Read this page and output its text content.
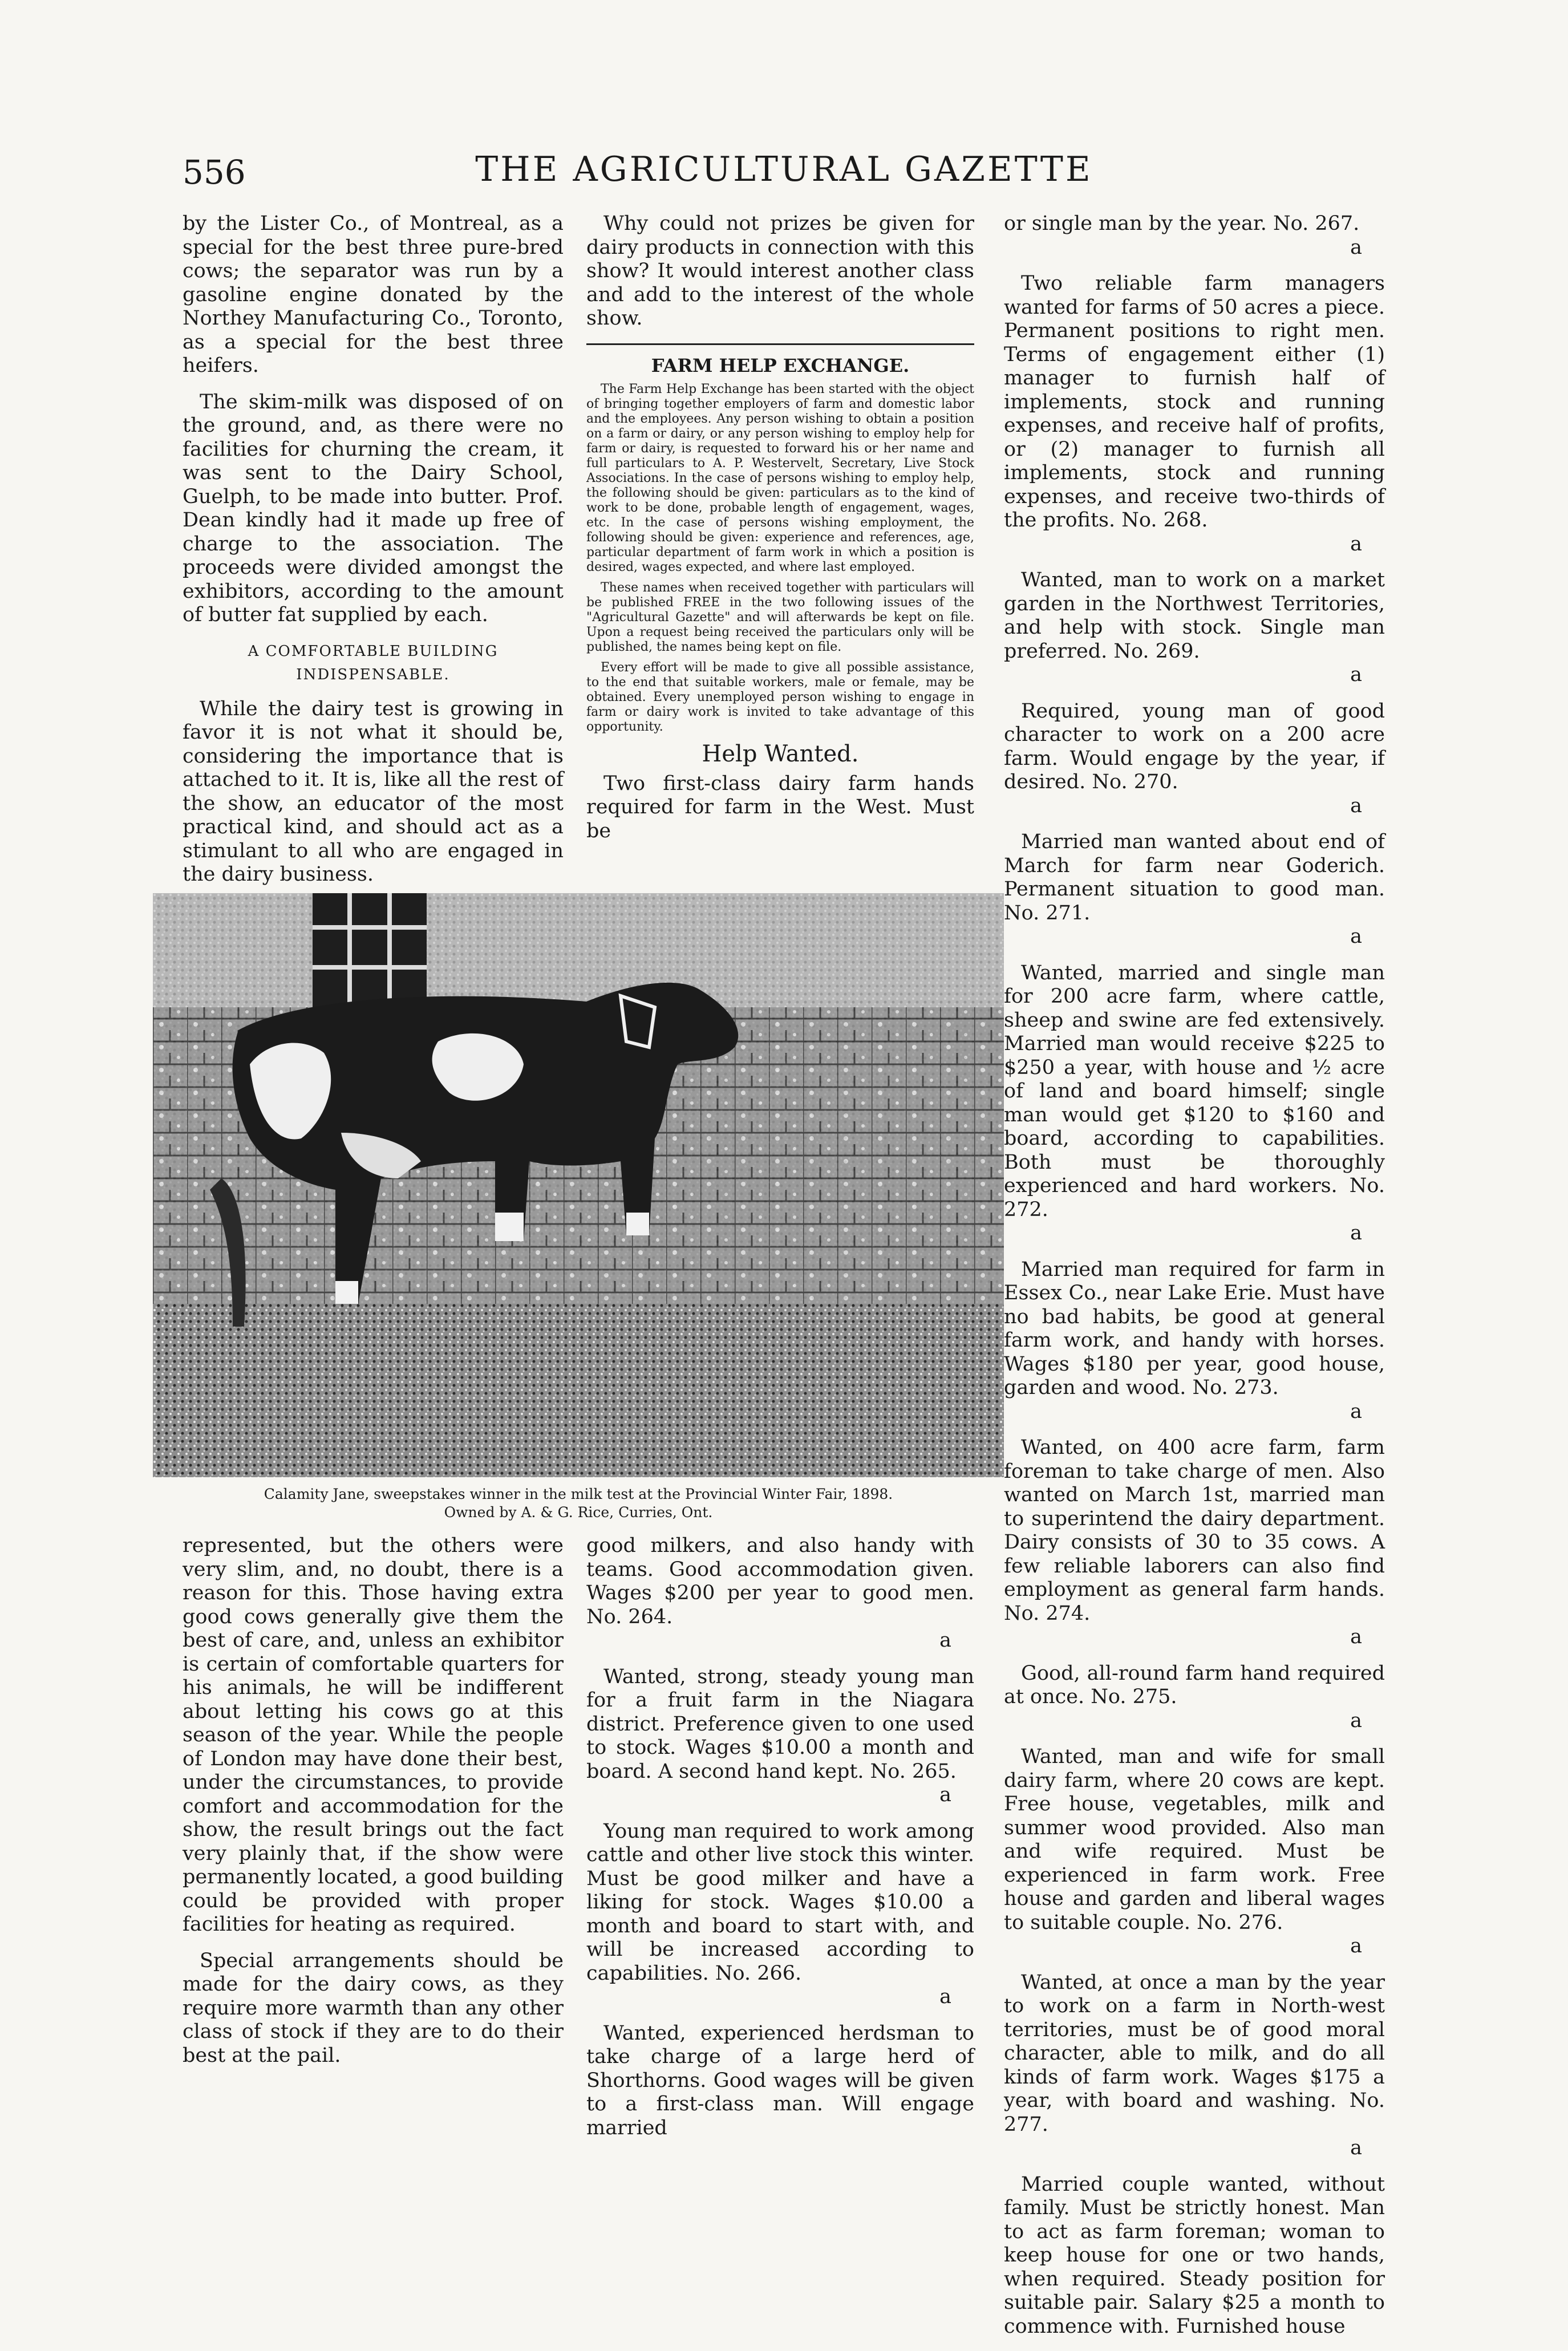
556	THE AGRICULTURAL GAZETTE

by the Lister Co., of Montreal, as a special for the best three pure-bred cows; the separator was run by a gasoline engine donated by the Northey Manufacturing Co., Toronto, as a special for the best three heifers.

The skim-milk was disposed of on the ground, and, as there were no facilities for churning the cream, it was sent to the Dairy School, Guelph, to be made into butter. Prof. Dean kindly had it made up free of charge to the association. The proceeds were divided amongst the exhibitors, according to the amount of butter fat supplied by each.

A COMFORTABLE BUILDING INDISPENSABLE.

While the dairy test is growing in favor it is not what it should be, considering the importance that is attached to it. It is, like all the rest of the show, an educator of the most practical kind, and should act as a stimulant to all who are engaged in the dairy business.

Why could not prizes be given for dairy products in connection with this show? It would interest another class and add to the interest of the whole show.

FARM HELP EXCHANGE.

The Farm Help Exchange has been started with the object of bringing together employers of farm and domestic labor and the employees. Any person wishing to obtain a position on a farm or dairy, or any person wishing to employ help for farm or dairy, is requested to forward his or her name and full particulars to A. P. Westervelt, Secretary, Live Stock Associations. In the case of persons wishing to employ help, the following should be given: particulars as to the kind of work to be done, probable length of engagement, wages, etc. In the case of persons wishing employment, the following should be given: experience and references, age, particular department of farm work in which a position is desired, wages expected, and where last employed.

These names when received together with particulars will be published FREE in the two following issues of the "Agricultural Gazette" and will afterwards be kept on file. Upon a request being received the particulars only will be published, the names being kept on file.

Every effort will be made to give all possible assistance, to the end that suitable workers, male or female, may be obtained. Every unemployed person wishing to engage in farm or dairy work is invited to take advantage of this opportunity.

Help Wanted.

Two first-class dairy farm hands required for farm in the West. Must be

or single man by the year. No. 267.
a

Two reliable farm managers wanted for farms of 50 acres a piece. Permanent positions to right men. Terms of engagement either (1) manager to furnish half of implements, stock and running expenses, and receive half of profits, or (2) manager to furnish all implements, stock and running expenses, and receive two-thirds of the profits. No. 268.
a

Wanted, man to work on a market garden in the Northwest Territories, and help with stock. Single man preferred. No. 269.
a

Required, young man of good character to work on a 200 acre farm. Would engage by the year, if desired. No. 270.
a

Married man wanted about end of March for farm near Goderich. Permanent situation to good man. No. 271.
a

Wanted, married and single man for 200 acre farm, where cattle, sheep and swine are fed extensively. Married man would receive $225 to $250 a year, with house and ½ acre of land and board himself; single man would get $120 to $160 and board, according to capabilities. Both must be thoroughly experienced and hard workers. No. 272.
a

Married man required for farm in Essex Co., near Lake Erie. Must have no bad habits, be good at general farm work, and handy with horses. Wages $180 per year, good house, garden and wood. No. 273.
a

Wanted, on 400 acre farm, farm foreman to take charge of men. Also wanted on March 1st, married man to superintend the dairy department. Dairy consists of 30 to 35 cows. A few reliable laborers can also find employment as general farm hands. No. 274.
a

Good, all-round farm hand required at once. No. 275.
a

Wanted, man and wife for small dairy farm, where 20 cows are kept. Free house, vegetables, milk and summer wood provided. Also man and wife required. Must be experienced in farm work. Free house and garden and liberal wages to suitable couple. No. 276.
a

Wanted, at once a man by the year to work on a farm in North-west territories, must be of good moral character, able to milk, and do all kinds of farm work. Wages $175 a year, with board and washing. No. 277.
a

Married couple wanted, without family. Must be strictly honest. Man to act as farm foreman; woman to keep house for one or two hands, when required. Steady position for suitable pair. Salary $25 a month to commence with. Furnished house

Calamity Jane, sweepstakes winner in the milk test at the Provincial Winter Fair, 1898.
Owned by A. & G. Rice, Curries, Ont.

represented, but the others were very slim, and, no doubt, there is a reason for this. Those having extra good cows generally give them the best of care, and, unless an exhibitor is certain of comfortable quarters for his animals, he will be indifferent about letting his cows go at this season of the year. While the people of London may have done their best, under the circumstances, to provide comfort and accommodation for the show, the result brings out the fact very plainly that, if the show were permanently located, a good building could be provided with proper facilities for heating as required.

Special arrangements should be made for the dairy cows, as they require more warmth than any other class of stock if they are to do their best at the pail.

good milkers, and also handy with teams. Good accommodation given. Wages $200 per year to good men. No. 264.
a

Wanted, strong, steady young man for a fruit farm in the Niagara district. Preference given to one used to stock. Wages $10.00 a month and board. A second hand kept. No. 265.
a

Young man required to work among cattle and other live stock this winter. Must be good milker and have a liking for stock. Wages $10.00 a month and board to start with, and will be increased according to capabilities. No. 266.
a

Wanted, experienced herdsman to take charge of a large herd of Shorthorns. Good wages will be given to a first-class man. Will engage married
